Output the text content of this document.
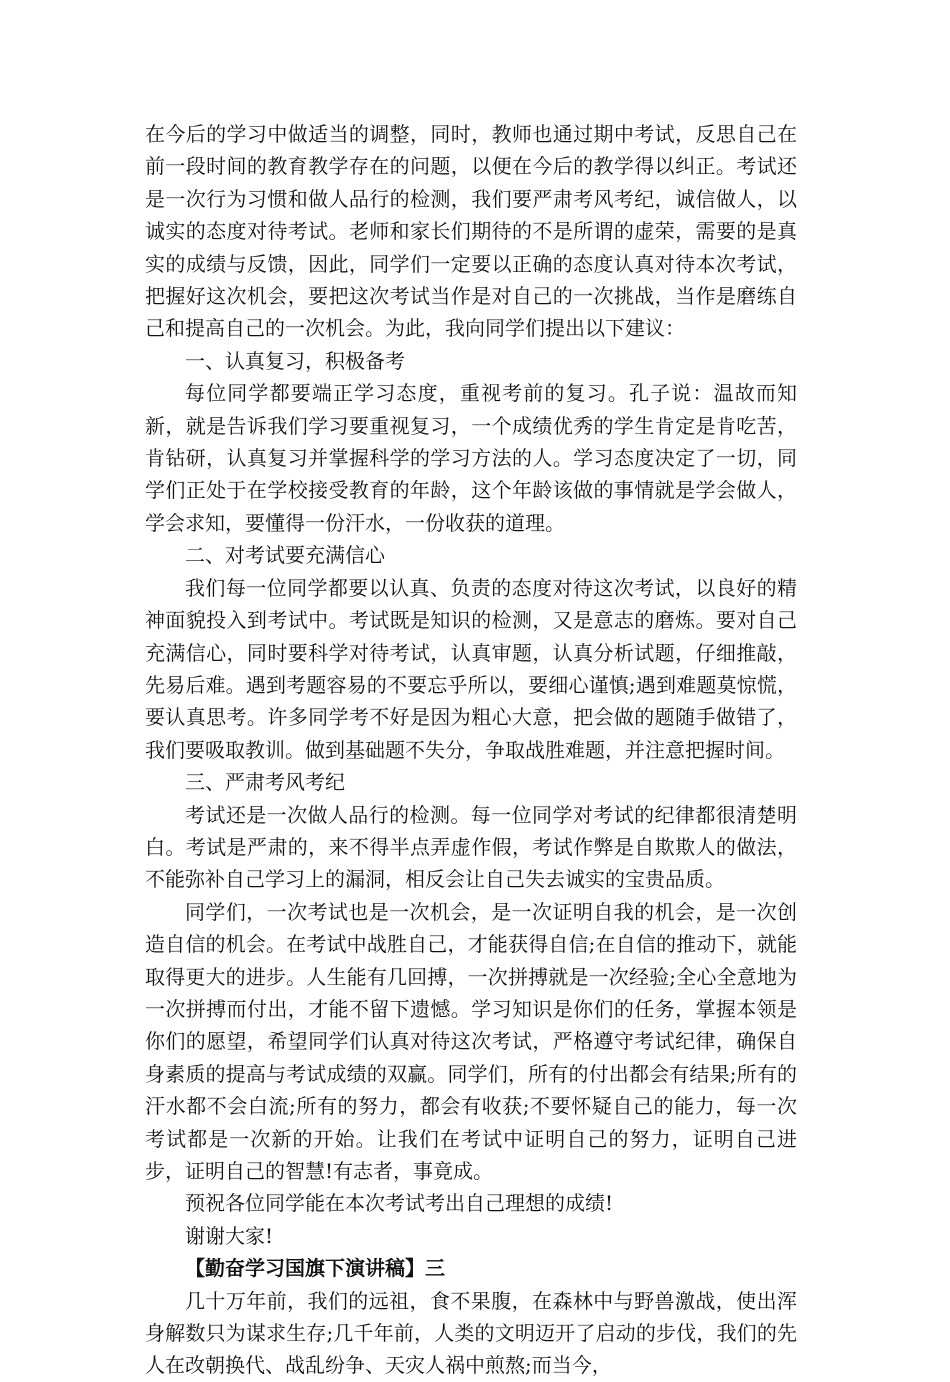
在今后的学习中做适当的调整，同时，教师也通过期中考试，反思自己在前一段时间的教育教学存在的问题，以便在今后的教学得以纠正。考试还是一次行为习惯和做人品行的检测，我们要严肃考风考纪，诚信做人，以诚实的态度对待考试。老师和家长们期待的不是所谓的虚荣，需要的是真实的成绩与反馈，因此，同学们一定要以正确的态度认真对待本次考试，把握好这次机会，要把这次考试当作是对自己的一次挑战，当作是磨练自己和提高自己的一次机会。为此，我向同学们提出以下建议：

一、认真复习，积极备考

每位同学都要端正学习态度，重视考前的复习。孔子说：温故而知新，就是告诉我们学习要重视复习，一个成绩优秀的学生肯定是肯吃苦，肯钻研，认真复习并掌握科学的学习方法的人。学习态度决定了一切，同学们正处于在学校接受教育的年龄，这个年龄该做的事情就是学会做人，学会求知，要懂得一份汗水，一份收获的道理。

二、对考试要充满信心

我们每一位同学都要以认真、负责的态度对待这次考试，以良好的精神面貌投入到考试中。考试既是知识的检测，又是意志的磨炼。要对自己充满信心，同时要科学对待考试，认真审题，认真分析试题，仔细推敲，先易后难。遇到考题容易的不要忘乎所以，要细心谨慎;遇到难题莫惊慌，要认真思考。许多同学考不好是因为粗心大意，把会做的题随手做错了，我们要吸取教训。做到基础题不失分，争取战胜难题，并注意把握时间。

三、严肃考风考纪

考试还是一次做人品行的检测。每一位同学对考试的纪律都很清楚明白。考试是严肃的，来不得半点弄虚作假，考试作弊是自欺欺人的做法，不能弥补自己学习上的漏洞，相反会让自己失去诚实的宝贵品质。

同学们，一次考试也是一次机会，是一次证明自我的机会，是一次创造自信的机会。在考试中战胜自己，才能获得自信;在自信的推动下，就能取得更大的进步。人生能有几回搏，一次拼搏就是一次经验;全心全意地为一次拼搏而付出，才能不留下遗憾。学习知识是你们的任务，掌握本领是你们的愿望，希望同学们认真对待这次考试，严格遵守考试纪律，确保自身素质的提高与考试成绩的双赢。同学们，所有的付出都会有结果;所有的汗水都不会白流;所有的努力，都会有收获;不要怀疑自己的能力，每一次考试都是一次新的开始。让我们在考试中证明自己的努力，证明自己进步，证明自己的智慧!有志者，事竟成。

预祝各位同学能在本次考试考出自己理想的成绩!

谢谢大家!

【勤奋学习国旗下演讲稿】三

几十万年前，我们的远祖，食不果腹，在森林中与野兽激战，使出浑身解数只为谋求生存;几千年前，人类的文明迈开了启动的步伐，我们的先人在改朝换代、战乱纷争、天灾人祸中煎熬;而当今，
